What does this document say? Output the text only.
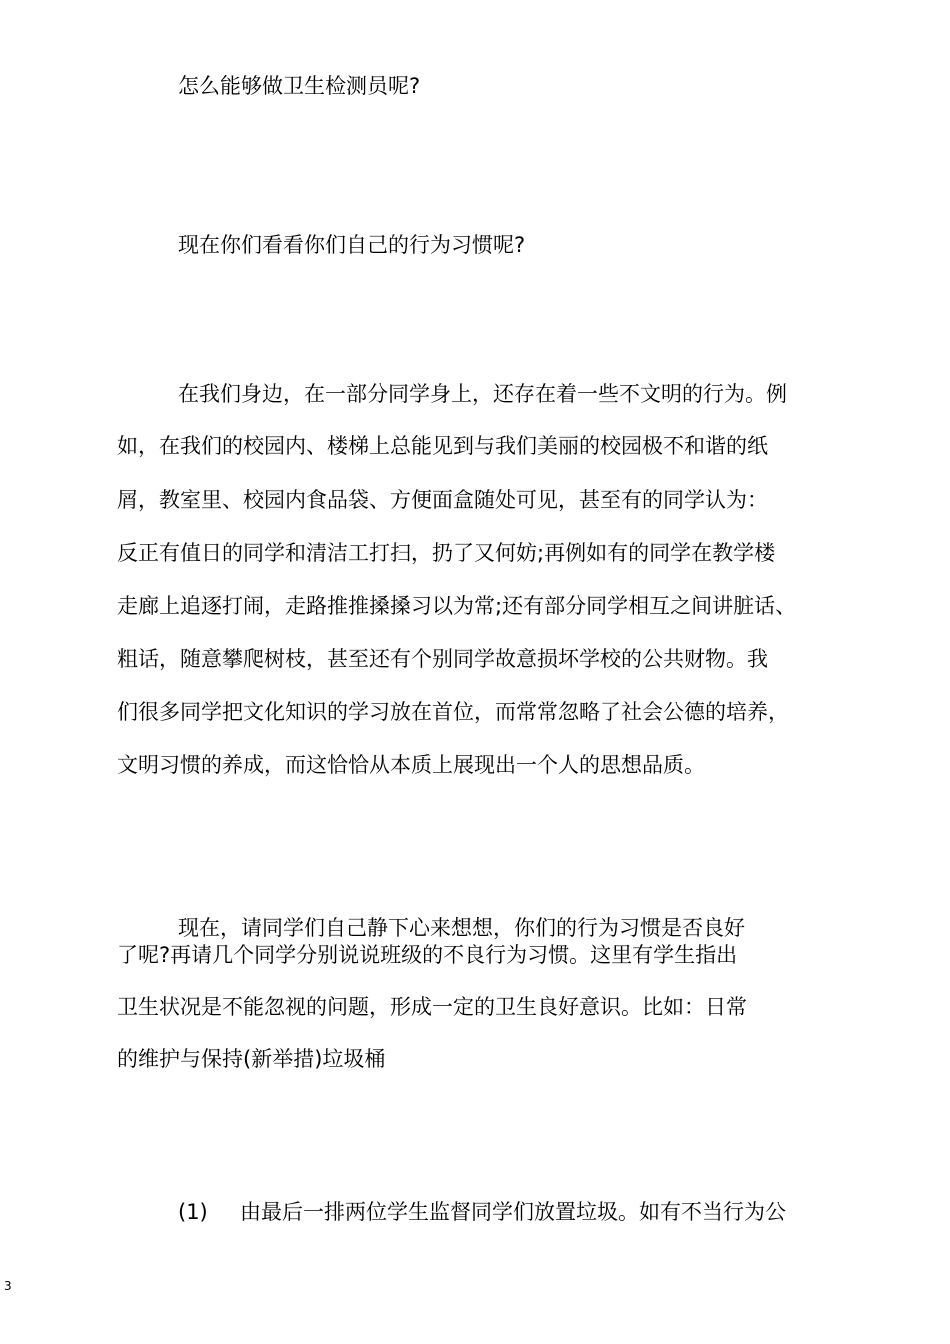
怎么能够做卫生检测员呢?
现在你们看看你们自己的行为习惯呢?
在我们身边，在一部分同学身上，还存在着一些不文明的行为。例
如，在我们的校园内、楼梯上总能见到与我们美丽的校园极不和谐的纸
屑，教室里、校园内食品袋、方便面盒随处可见，甚至有的同学认为：
反正有值日的同学和清洁工打扫，扔了又何妨;再例如有的同学在教学楼
走廊上追逐打闹，走路推推搡搡习以为常;还有部分同学相互之间讲脏话、
粗话，随意攀爬树枝，甚至还有个别同学故意损坏学校的公共财物。我
们很多同学把文化知识的学习放在首位，而常常忽略了社会公德的培养，
文明习惯的养成，而这恰恰从本质上展现出一个人的思想品质。
现在，请同学们自己静下心来想想，你们的行为习惯是否良好
了呢?再请几个同学分别说说班级的不良行为习惯。这里有学生指出
卫生状况是不能忽视的问题，形成一定的卫生良好意识。比如：日常
的维护与保持(新举措)垃圾桶
(1) 由最后一排两位学生监督同学们放置垃圾。如有不当行为公
3
